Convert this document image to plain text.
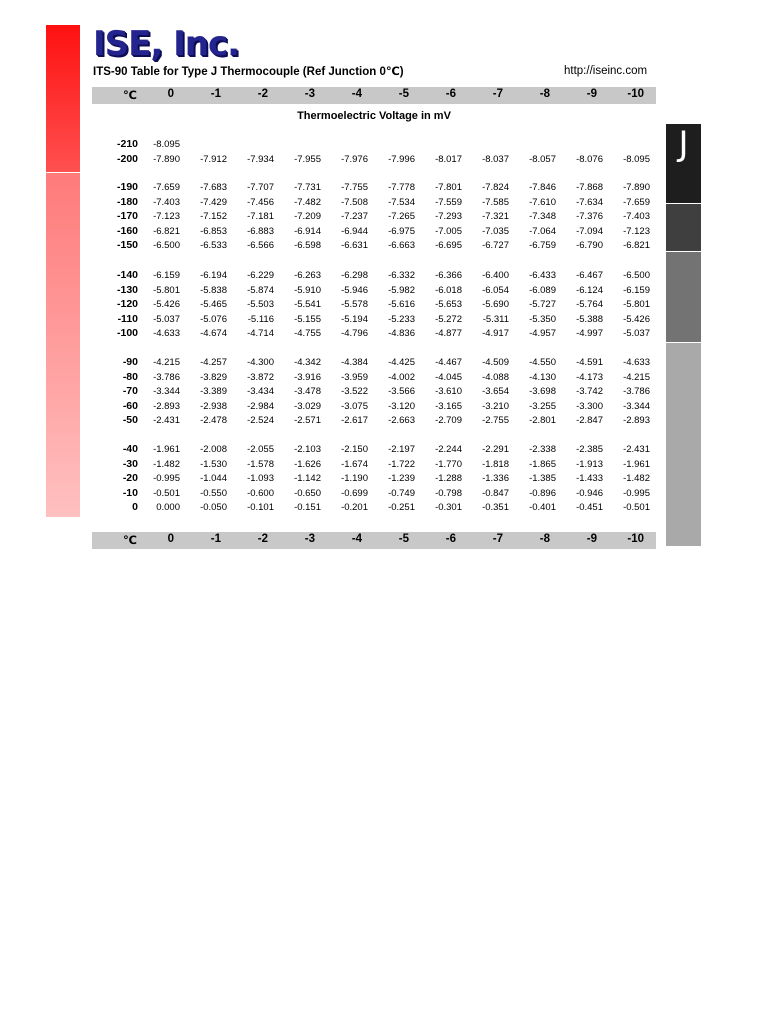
J
ISE, Inc.
ITS-90 Table for Type J Thermocouple (Ref Junction 0℃)	http://iseinc.com
℃	0	-1	-2	-3	-4	-5	-6	-7	-8	-9	-10
Thermoelectric Voltage in mV
-210	-8.095
-200	-7.890	-7.912	-7.934	-7.955	-7.976	-7.996	-8.017	-8.037	-8.057	-8.076	-8.095
-190	-7.659	-7.683	-7.707	-7.731	-7.755	-7.778	-7.801	-7.824	-7.846	-7.868	-7.890
-180	-7.403	-7.429	-7.456	-7.482	-7.508	-7.534	-7.559	-7.585	-7.610	-7.634	-7.659
-170	-7.123	-7.152	-7.181	-7.209	-7.237	-7.265	-7.293	-7.321	-7.348	-7.376	-7.403
-160	-6.821	-6.853	-6.883	-6.914	-6.944	-6.975	-7.005	-7.035	-7.064	-7.094	-7.123
-150	-6.500	-6.533	-6.566	-6.598	-6.631	-6.663	-6.695	-6.727	-6.759	-6.790	-6.821
-140	-6.159	-6.194	-6.229	-6.263	-6.298	-6.332	-6.366	-6.400	-6.433	-6.467	-6.500
-130	-5.801	-5.838	-5.874	-5.910	-5.946	-5.982	-6.018	-6.054	-6.089	-6.124	-6.159
-120	-5.426	-5.465	-5.503	-5.541	-5.578	-5.616	-5.653	-5.690	-5.727	-5.764	-5.801
-110	-5.037	-5.076	-5.116	-5.155	-5.194	-5.233	-5.272	-5.311	-5.350	-5.388	-5.426
-100	-4.633	-4.674	-4.714	-4.755	-4.796	-4.836	-4.877	-4.917	-4.957	-4.997	-5.037
-90	-4.215	-4.257	-4.300	-4.342	-4.384	-4.425	-4.467	-4.509	-4.550	-4.591	-4.633
-80	-3.786	-3.829	-3.872	-3.916	-3.959	-4.002	-4.045	-4.088	-4.130	-4.173	-4.215
-70	-3.344	-3.389	-3.434	-3.478	-3.522	-3.566	-3.610	-3.654	-3.698	-3.742	-3.786
-60	-2.893	-2.938	-2.984	-3.029	-3.075	-3.120	-3.165	-3.210	-3.255	-3.300	-3.344
-50	-2.431	-2.478	-2.524	-2.571	-2.617	-2.663	-2.709	-2.755	-2.801	-2.847	-2.893
-40	-1.961	-2.008	-2.055	-2.103	-2.150	-2.197	-2.244	-2.291	-2.338	-2.385	-2.431
-30	-1.482	-1.530	-1.578	-1.626	-1.674	-1.722	-1.770	-1.818	-1.865	-1.913	-1.961
-20	-0.995	-1.044	-1.093	-1.142	-1.190	-1.239	-1.288	-1.336	-1.385	-1.433	-1.482
-10	-0.501	-0.550	-0.600	-0.650	-0.699	-0.749	-0.798	-0.847	-0.896	-0.946	-0.995
0	0.000	-0.050	-0.101	-0.151	-0.201	-0.251	-0.301	-0.351	-0.401	-0.451	-0.501
℃	0	-1	-2	-3	-4	-5	-6	-7	-8	-9	-10
